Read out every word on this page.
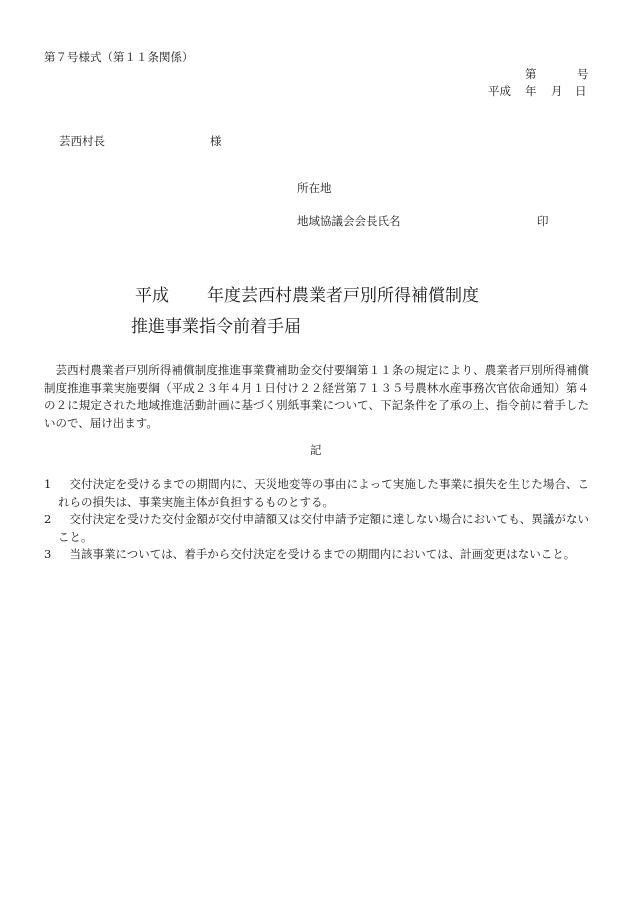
第７号様式（第１１条関係）
第	号
平成 年 月 日
芸西村長	様
所在地
地域協議会会長氏名	印
平成 年度芸西村農業者戸別所得補償制度
推進事業指令前着手届

芸西村農業者戸別所得補償制度推進事業費補助金交付要綱第１１条の規定により、農業者戸別所得補償制度推進事業実施要綱（平成２３年４月１日付け２２経営第７１３５号農林水産事務次官依命通知）第４の２に規定された地域推進活動計画に基づく別紙事業について、下記条件を了承の上、指令前に着手したいので、届け出ます。

記
1	交付決定を受けるまでの期間内に、天災地変等の事由によって実施した事業に損失を生じた場合、これらの損失は、事業実施主体が負担するものとする。
2	交付決定を受けた交付金額が交付申請額又は交付申請予定額に達しない場合においても、異議がないこと。
3	当該事業については、着手から交付決定を受けるまでの期間内においては、計画変更はないこと。
